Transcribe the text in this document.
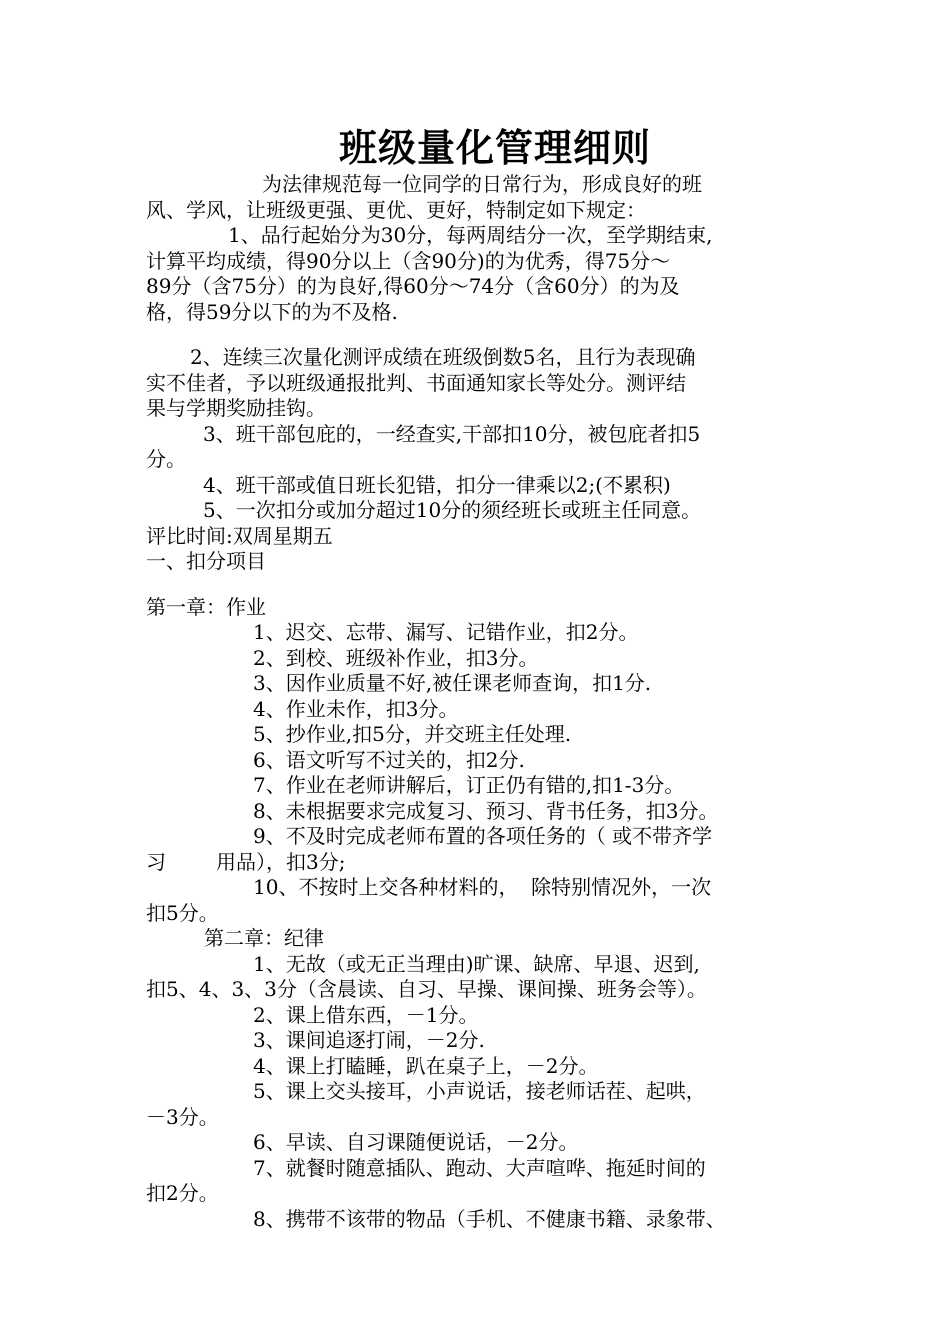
班级量化管理细则
为法律规范每一位同学的日常行为，形成良好的班
风、学风，让班级更强、更优、更好，特制定如下规定：
1、品行起始分为30分，每两周结分一次，至学期结束,
计算平均成绩，得90分以上（含90分)的为优秀，得75分～
89分（含75分）的为良好,得60分～74分（含60分）的为及
格，得59分以下的为不及格.
2、连续三次量化测评成绩在班级倒数5名，且行为表现确
实不佳者，予以班级通报批判、书面通知家长等处分。测评结
果与学期奖励挂钩。
3、班干部包庇的，一经查实,干部扣10分，被包庇者扣5
分。
4、班干部或值日班长犯错，扣分一律乘以2;(不累积)
5、一次扣分或加分超过10分的须经班长或班主任同意。
评比时间:双周星期五
一、扣分项目
第一章：作业
1、迟交、忘带、漏写、记错作业，扣2分。
2、到校、班级补作业，扣3分。
3、因作业质量不好,被任课老师查询，扣1分.
4、作业未作，扣3分。
5、抄作业,扣5分，并交班主任处理.
6、语文听写不过关的，扣2分.
7、作业在老师讲解后，订正仍有错的,扣1-3分。
8、未根据要求完成复习、预习、背书任务，扣3分。
9、不及时完成老师布置的各项任务的（ 或不带齐学
习	用品），扣3分;
10、不按时上交各种材料的，  除特别情况外，一次
扣5分。
第二章：纪律
1、无故（或无正当理由)旷课、缺席、早退、迟到,
扣5、4、3、3分（含晨读、自习、早操、课间操、班务会等）。
2、课上借东西，－1分。
3、课间追逐打闹，－2分.
4、课上打瞌睡，趴在桌子上，－2分。
5、课上交头接耳，小声说话，接老师话茬、起哄，
－3分。
6、早读、自习课随便说话，－2分。
7、就餐时随意插队、跑动、大声喧哗、拖延时间的
扣2分。
8、携带不该带的物品（手机、不健康书籍、录象带、
